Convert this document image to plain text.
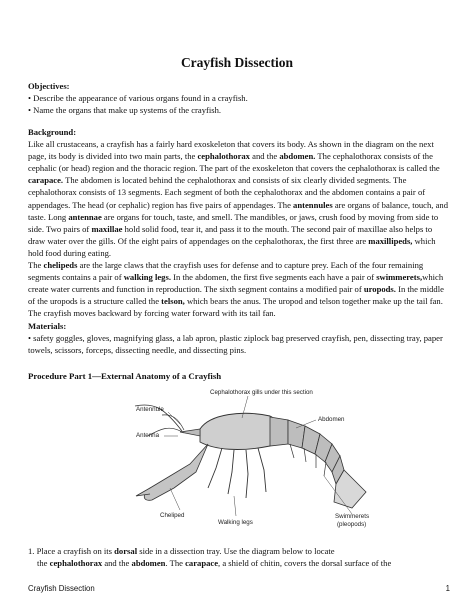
Crayfish Dissection
Objectives:
• Describe the appearance of various organs found in a crayfish.
• Name the organs that make up systems of the crayfish.
Background:
Like all crustaceans, a crayfish has a fairly hard exoskeleton that covers its body. As shown in the diagram on the next page, its body is divided into two main parts, the cephalothorax and the abdomen. The cephalothorax consists of the cephalic (or head) region and the thoracic region. The part of the exoskeleton that covers the cephalothorax is called the carapace. The abdomen is located behind the cephalothorax and consists of six clearly divided segments. The cephalothorax consists of 13 segments. Each segment of both the cephalothorax and the abdomen contains a pair of appendages. The head (or cephalic) region has five pairs of appendages. The antennules are organs of balance, touch, and taste. Long antennae are organs for touch, taste, and smell. The mandibles, or jaws, crush food by moving from side to side. Two pairs of maxillae hold solid food, tear it, and pass it to the mouth. The second pair of maxillae also helps to draw water over the gills. Of the eight pairs of appendages on the cephalothorax, the first three are maxillipeds, which hold food during eating.
The chelipeds are the large claws that the crayfish uses for defense and to capture prey. Each of the four remaining segments contains a pair of walking legs. In the abdomen, the first five segments each have a pair of swimmerets,which create water currents and function in reproduction. The sixth segment contains a modified pair of uropods. In the middle of the uropods is a structure called the telson, which bears the anus. The uropod and telson together make up the tail fan. The crayfish moves backward by forcing water forward with its tail fan.
Materials:
• safety goggles, gloves, magnifying glass, a lab apron, plastic ziplock bag preserved crayfish, pen, dissecting tray, paper towels, scissors, forceps, dissecting needle, and dissecting pins.
Procedure Part 1—External Anatomy of a Crayfish
Cephalothorax gills under this section
Antennule
Antenna
Abdomen
Cheliped
Walking legs
Swimmerets
(pleopods)
1. Place a crayfish on its dorsal side in a dissection tray. Use the diagram below to locate
the cephalothorax and the abdomen. The carapace, a shield of chitin, covers the dorsal surface of the
Crayfish Dissection	1
